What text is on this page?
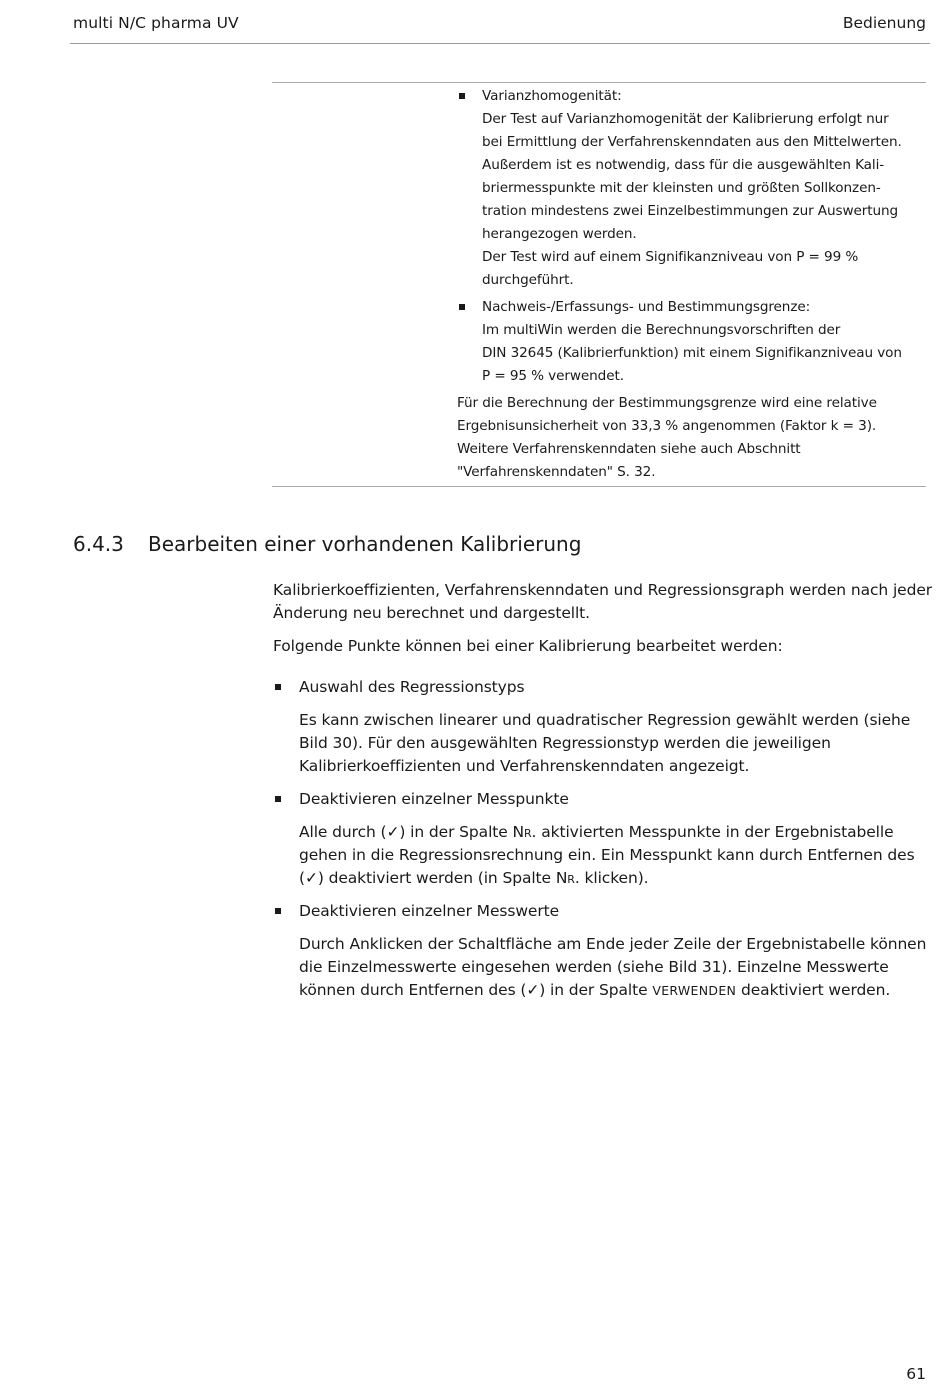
multi N/C pharma UV	Bedienung
Varianzhomogenität:
Der Test auf Varianzhomogenität der Kalibrierung erfolgt nur
bei Ermittlung der Verfahrenskenndaten aus den Mittelwerten.
Außerdem ist es notwendig, dass für die ausgewählten Kali-
briermesspunkte mit der kleinsten und größten Sollkonzen-
tration mindestens zwei Einzelbestimmungen zur Auswertung
herangezogen werden.
Der Test wird auf einem Signifikanzniveau von P = 99 %
durchgeführt.
Nachweis-/Erfassungs- und Bestimmungsgrenze:
Im multiWin werden die Berechnungsvorschriften der
DIN 32645 (Kalibrierfunktion) mit einem Signifikanzniveau von
P = 95 % verwendet.
Für die Berechnung der Bestimmungsgrenze wird eine relative
Ergebnisunsicherheit von 33,3 % angenommen (Faktor k = 3).
Weitere Verfahrenskenndaten siehe auch Abschnitt
"Verfahrenskenndaten" S. 32.
6.4.3 Bearbeiten einer vorhandenen Kalibrierung
Kalibrierkoeffizienten, Verfahrenskenndaten und Regressionsgraph werden nach jeder
Änderung neu berechnet und dargestellt.
Folgende Punkte können bei einer Kalibrierung bearbeitet werden:
Auswahl des Regressionstyps
Es kann zwischen linearer und quadratischer Regression gewählt werden (siehe
Bild 30). Für den ausgewählten Regressionstyp werden die jeweiligen
Kalibrierkoeffizienten und Verfahrenskenndaten angezeigt.
Deaktivieren einzelner Messpunkte
Alle durch (✓) in der Spalte Nr. aktivierten Messpunkte in der Ergebnistabelle
gehen in die Regressionsrechnung ein. Ein Messpunkt kann durch Entfernen des
(✓) deaktiviert werden (in Spalte Nr. klicken).
Deaktivieren einzelner Messwerte
Durch Anklicken der Schaltfläche am Ende jeder Zeile der Ergebnistabelle können
die Einzelmesswerte eingesehen werden (siehe Bild 31). Einzelne Messwerte
können durch Entfernen des (✓) in der Spalte VERWENDEN deaktiviert werden.
61
